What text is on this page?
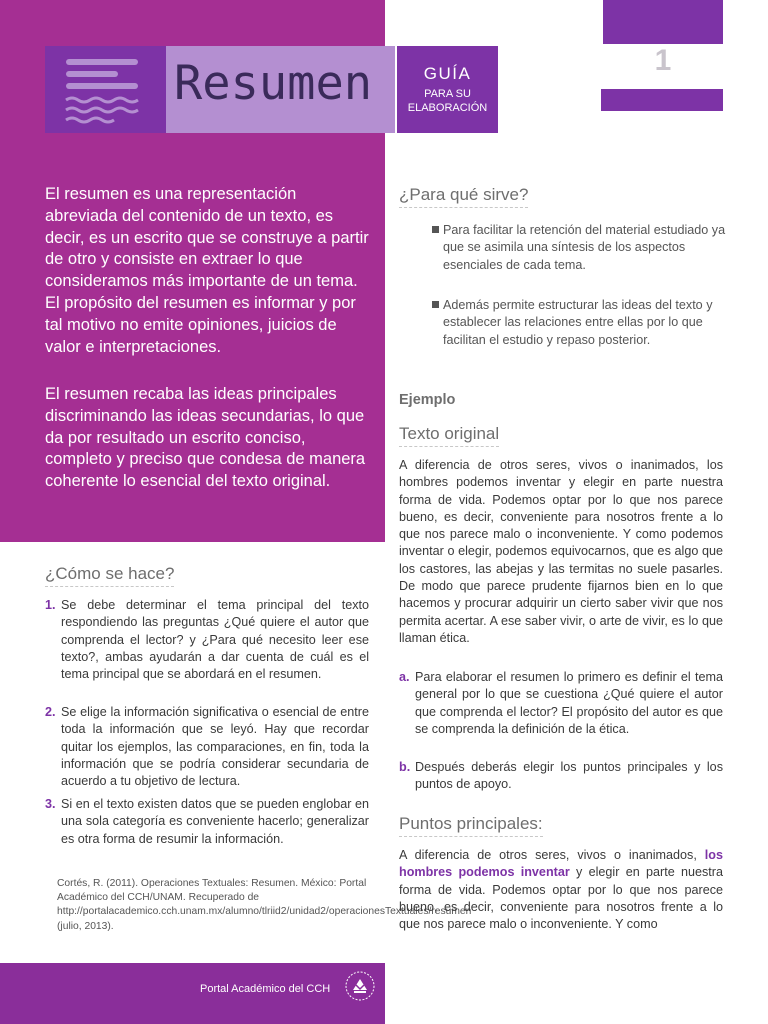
Resumen	GUÍA
PARA SU
ELABORACIÓN
1
El resumen es una representación abreviada del contenido de un texto, es decir, es un escrito que se construye a partir de otro y consiste en extraer lo que consideramos más importante de un tema. El propósito del resumen es informar y por tal motivo no emite opiniones, juicios de valor e interpretaciones.
El resumen recaba las ideas principales discriminando las ideas secundarias, lo que da por resultado un escrito conciso, completo y preciso que condesa de manera coherente lo esencial del texto original.
¿Cómo se hace?
1. Se debe determinar el tema principal del texto respondiendo las preguntas ¿Qué quiere el autor que comprenda el lector? y ¿Para qué necesito leer ese texto?, ambas ayudarán a dar cuenta de cuál es el tema principal que se abordará en el resumen.
2. Se elige la información significativa o esencial de entre toda la información que se leyó. Hay que recordar quitar los ejemplos, las comparaciones, en fin, toda la información que se podría considerar secundaria de acuerdo a tu objetivo de lectura.
3. Si en el texto existen datos que se pueden englobar en una sola categoría es conveniente hacerlo; generalizar es otra forma de resumir la información.
Cortés, R. (2011). Operaciones Textuales: Resumen. México: Portal Académico del CCH/UNAM. Recuperado de http://portalacademico.cch.unam.mx/alumno/tlriid2/unidad2/operacionesTextuales/resumen (julio, 2013).
Portal Académico del CCH
¿Para qué sirve?
Para facilitar la retención del material estudiado ya que se asimila una síntesis de los aspectos esenciales de cada tema.
Además permite estructurar las ideas del texto y establecer las relaciones entre ellas por lo que facilitan el estudio y repaso posterior.
Ejemplo
Texto original
A diferencia de otros seres, vivos o inanimados, los hombres podemos inventar y elegir en parte nuestra forma de vida. Podemos optar por lo que nos parece bueno, es decir, conveniente para nosotros frente a lo que nos parece malo o inconveniente. Y como podemos inventar o elegir, podemos equivocarnos, que es algo que los castores, las abejas y las termitas no suele pasarles. De modo que parece prudente fijarnos bien en lo que hacemos y procurar adquirir un cierto saber vivir que nos permita acertar. A ese saber vivir, o arte de vivir, es lo que llaman ética.
a. Para elaborar el resumen lo primero es definir el tema general por lo que se cuestiona ¿Qué quiere el autor que comprenda el lector? El propósito del autor es que se comprenda la definición de la ética.
b. Después deberás elegir los puntos principales y los puntos de apoyo.
Puntos principales:
A diferencia de otros seres, vivos o inanimados, los hombres podemos inventar y elegir en parte nuestra forma de vida. Podemos optar por lo que nos parece bueno, es decir, conveniente para nosotros frente a lo que nos parece malo o inconveniente. Y como
